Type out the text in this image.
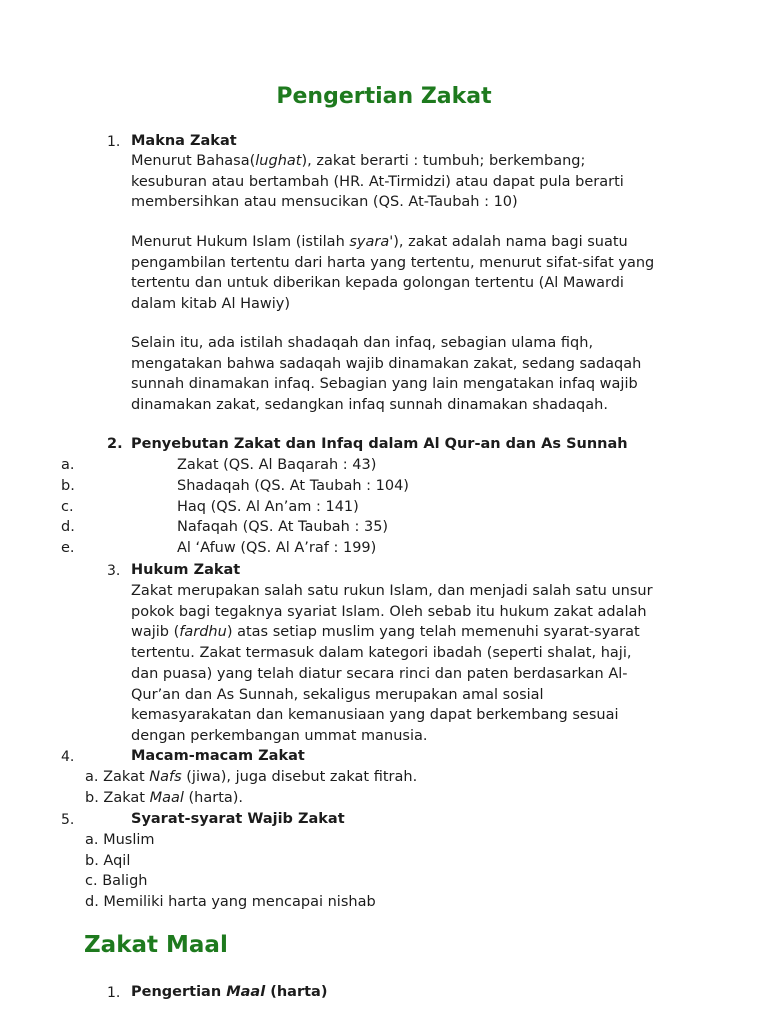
Pengertian Zakat
1. Makna Zakat
Menurut Bahasa(lughat), zakat berarti : tumbuh; berkembang;
kesuburan atau bertambah (HR. At-Tirmidzi) atau dapat pula berarti
membersihkan atau mensucikan (QS. At-Taubah : 10)
Menurut Hukum Islam (istilah syara'), zakat adalah nama bagi suatu
pengambilan tertentu dari harta yang tertentu, menurut sifat-sifat yang
tertentu dan untuk diberikan kepada golongan tertentu (Al Mawardi
dalam kitab Al Hawiy)
Selain itu, ada istilah shadaqah dan infaq, sebagian ulama fiqh,
mengatakan bahwa sadaqah wajib dinamakan zakat, sedang sadaqah
sunnah dinamakan infaq. Sebagian yang lain mengatakan infaq wajib
dinamakan zakat, sedangkan infaq sunnah dinamakan shadaqah.
2. Penyebutan Zakat dan Infaq dalam Al Qur-an dan As Sunnah
a.	Zakat (QS. Al Baqarah : 43)
b.	Shadaqah (QS. At Taubah : 104)
c.	Haq (QS. Al An’am : 141)
d.	Nafaqah (QS. At Taubah : 35)
e.	Al ‘Afuw (QS. Al A’raf : 199)
3. Hukum Zakat
Zakat merupakan salah satu rukun Islam, dan menjadi salah satu unsur
pokok bagi tegaknya syariat Islam. Oleh sebab itu hukum zakat adalah
wajib (fardhu) atas setiap muslim yang telah memenuhi syarat-syarat
tertentu. Zakat termasuk dalam kategori ibadah (seperti shalat, haji,
dan puasa) yang telah diatur secara rinci dan paten berdasarkan Al-
Qur’an dan As Sunnah, sekaligus merupakan amal sosial
kemasyarakatan dan kemanusiaan yang dapat berkembang sesuai
dengan perkembangan ummat manusia.
4.	Macam-macam Zakat
a. Zakat Nafs (jiwa), juga disebut zakat fitrah.
b. Zakat Maal (harta).
5.	Syarat-syarat Wajib Zakat
a. Muslim
b. Aqil
c. Baligh
d. Memiliki harta yang mencapai nishab
Zakat Maal
1. Pengertian Maal (harta)
